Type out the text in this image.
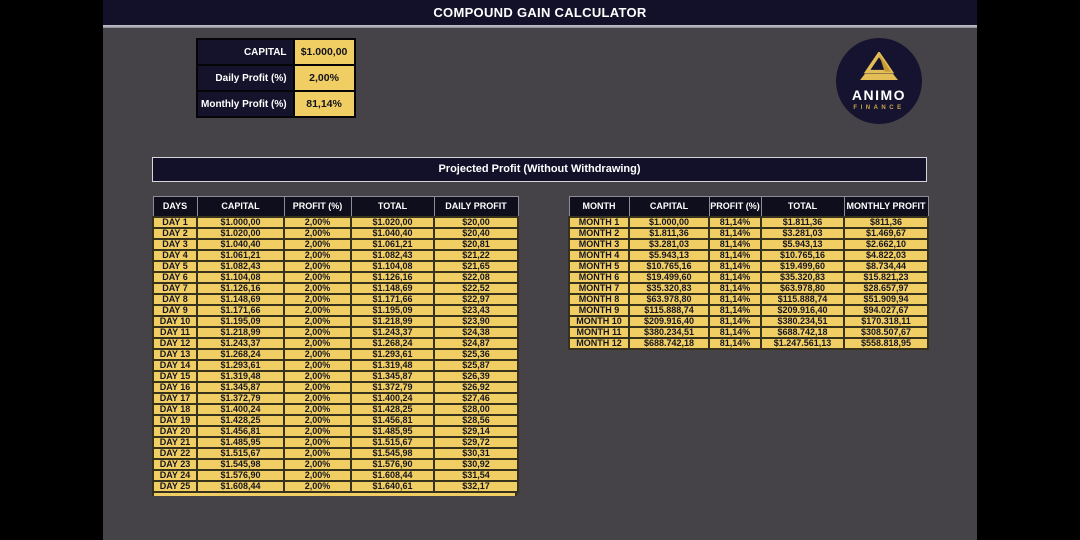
COMPOUND GAIN CALCULATOR
CAPITAL	$1.000,00
Daily Profit (%)	2,00%
Monthly Profit (%)	81,14%
ANIMO
FINANCE
Projected Profit (Without Withdrawing)
DAYS	CAPITAL	PROFIT (%)	TOTAL	DAILY PROFIT
DAY 1	$1.000,00	2,00%	$1.020,00	$20,00
DAY 2	$1.020,00	2,00%	$1.040,40	$20,40
DAY 3	$1.040,40	2,00%	$1.061,21	$20,81
DAY 4	$1.061,21	2,00%	$1.082,43	$21,22
DAY 5	$1.082,43	2,00%	$1.104,08	$21,65
DAY 6	$1.104,08	2,00%	$1.126,16	$22,08
DAY 7	$1.126,16	2,00%	$1.148,69	$22,52
DAY 8	$1.148,69	2,00%	$1.171,66	$22,97
DAY 9	$1.171,66	2,00%	$1.195,09	$23,43
DAY 10	$1.195,09	2,00%	$1.218,99	$23,90
DAY 11	$1.218,99	2,00%	$1.243,37	$24,38
DAY 12	$1.243,37	2,00%	$1.268,24	$24,87
DAY 13	$1.268,24	2,00%	$1.293,61	$25,36
DAY 14	$1.293,61	2,00%	$1.319,48	$25,87
DAY 15	$1.319,48	2,00%	$1.345,87	$26,39
DAY 16	$1.345,87	2,00%	$1.372,79	$26,92
DAY 17	$1.372,79	2,00%	$1.400,24	$27,46
DAY 18	$1.400,24	2,00%	$1.428,25	$28,00
DAY 19	$1.428,25	2,00%	$1.456,81	$28,56
DAY 20	$1.456,81	2,00%	$1.485,95	$29,14
DAY 21	$1.485,95	2,00%	$1.515,67	$29,72
DAY 22	$1.515,67	2,00%	$1.545,98	$30,31
DAY 23	$1.545,98	2,00%	$1.576,90	$30,92
DAY 24	$1.576,90	2,00%	$1.608,44	$31,54
DAY 25	$1.608,44	2,00%	$1.640,61	$32,17
MONTH	CAPITAL	PROFIT (%)	TOTAL	MONTHLY PROFIT
MONTH 1	$1.000,00	81,14%	$1.811,36	$811,36
MONTH 2	$1.811,36	81,14%	$3.281,03	$1.469,67
MONTH 3	$3.281,03	81,14%	$5.943,13	$2.662,10
MONTH 4	$5.943,13	81,14%	$10.765,16	$4.822,03
MONTH 5	$10.765,16	81,14%	$19.499,60	$8.734,44
MONTH 6	$19.499,60	81,14%	$35.320,83	$15.821,23
MONTH 7	$35.320,83	81,14%	$63.978,80	$28.657,97
MONTH 8	$63.978,80	81,14%	$115.888,74	$51.909,94
MONTH 9	$115.888,74	81,14%	$209.916,40	$94.027,67
MONTH 10	$209.916,40	81,14%	$380.234,51	$170.318,11
MONTH 11	$380.234,51	81,14%	$688.742,18	$308.507,67
MONTH 12	$688.742,18	81,14%	$1.247.561,13	$558.818,95
